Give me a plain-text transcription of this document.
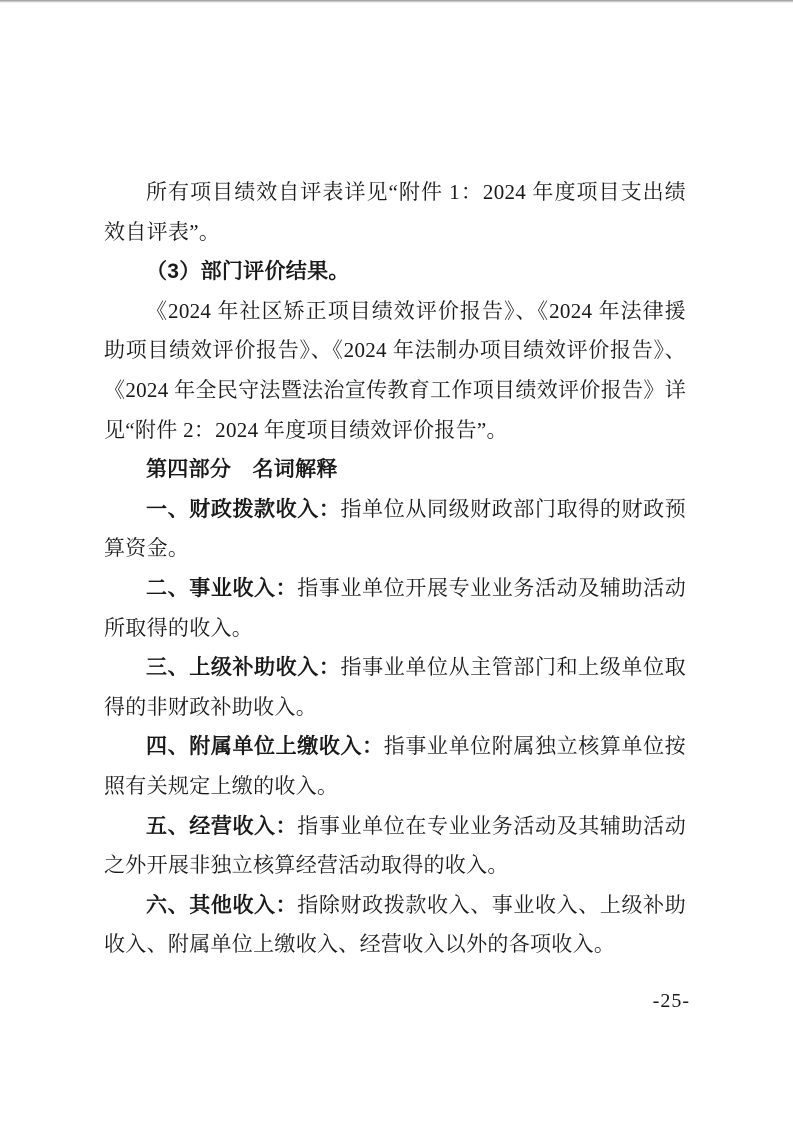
所有项目绩效自评表详见“附件 1：2024 年度项目支出绩效自评表”。

（3）部门评价结果。

《2024 年社区矫正项目绩效评价报告》、《2024 年法律援助项目绩效评价报告》、《2024 年法制办项目绩效评价报告》、《2024 年全民守法暨法治宣传教育工作项目绩效评价报告》详见“附件 2：2024 年度项目绩效评价报告”。

第四部分　名词解释

一、财政拨款收入：指单位从同级财政部门取得的财政预算资金。

二、事业收入：指事业单位开展专业业务活动及辅助活动所取得的收入。

三、上级补助收入：指事业单位从主管部门和上级单位取得的非财政补助收入。

四、附属单位上缴收入：指事业单位附属独立核算单位按照有关规定上缴的收入。

五、经营收入：指事业单位在专业业务活动及其辅助活动之外开展非独立核算经营活动取得的收入。

六、其他收入：指除财政拨款收入、事业收入、上级补助收入、附属单位上缴收入、经营收入以外的各项收入。

-25-
